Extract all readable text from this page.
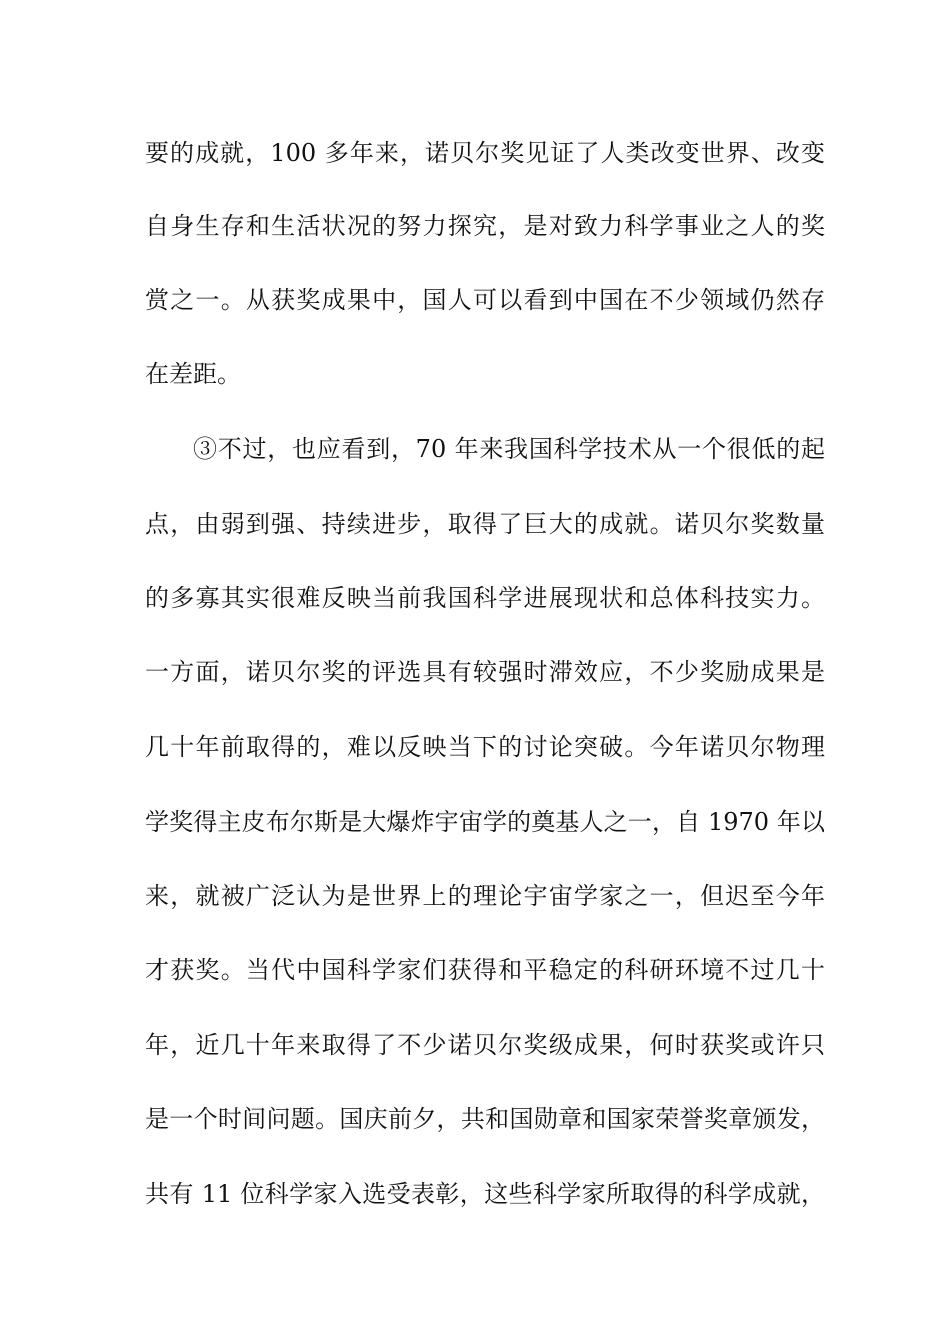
要的成就，100 多年来，诺贝尔奖见证了人类改变世界、改变
自身生存和生活状况的努力探究，是对致力科学事业之人的奖
赏之一。从获奖成果中，国人可以看到中国在不少领域仍然存
在差距。
③不过，也应看到，70 年来我国科学技术从一个很低的起
点，由弱到强、持续进步，取得了巨大的成就。诺贝尔奖数量
的多寡其实很难反映当前我国科学进展现状和总体科技实力。
一方面，诺贝尔奖的评选具有较强时滞效应，不少奖励成果是
几十年前取得的，难以反映当下的讨论突破。今年诺贝尔物理
学奖得主皮布尔斯是大爆炸宇宙学的奠基人之一，自 1970 年以
来，就被广泛认为是世界上的理论宇宙学家之一，但迟至今年
才获奖。当代中国科学家们获得和平稳定的科研环境不过几十
年，近几十年来取得了不少诺贝尔奖级成果，何时获奖或许只
是一个时间问题。国庆前夕，共和国勋章和国家荣誉奖章颁发，
共有 11 位科学家入选受表彰，这些科学家所取得的科学成就，
